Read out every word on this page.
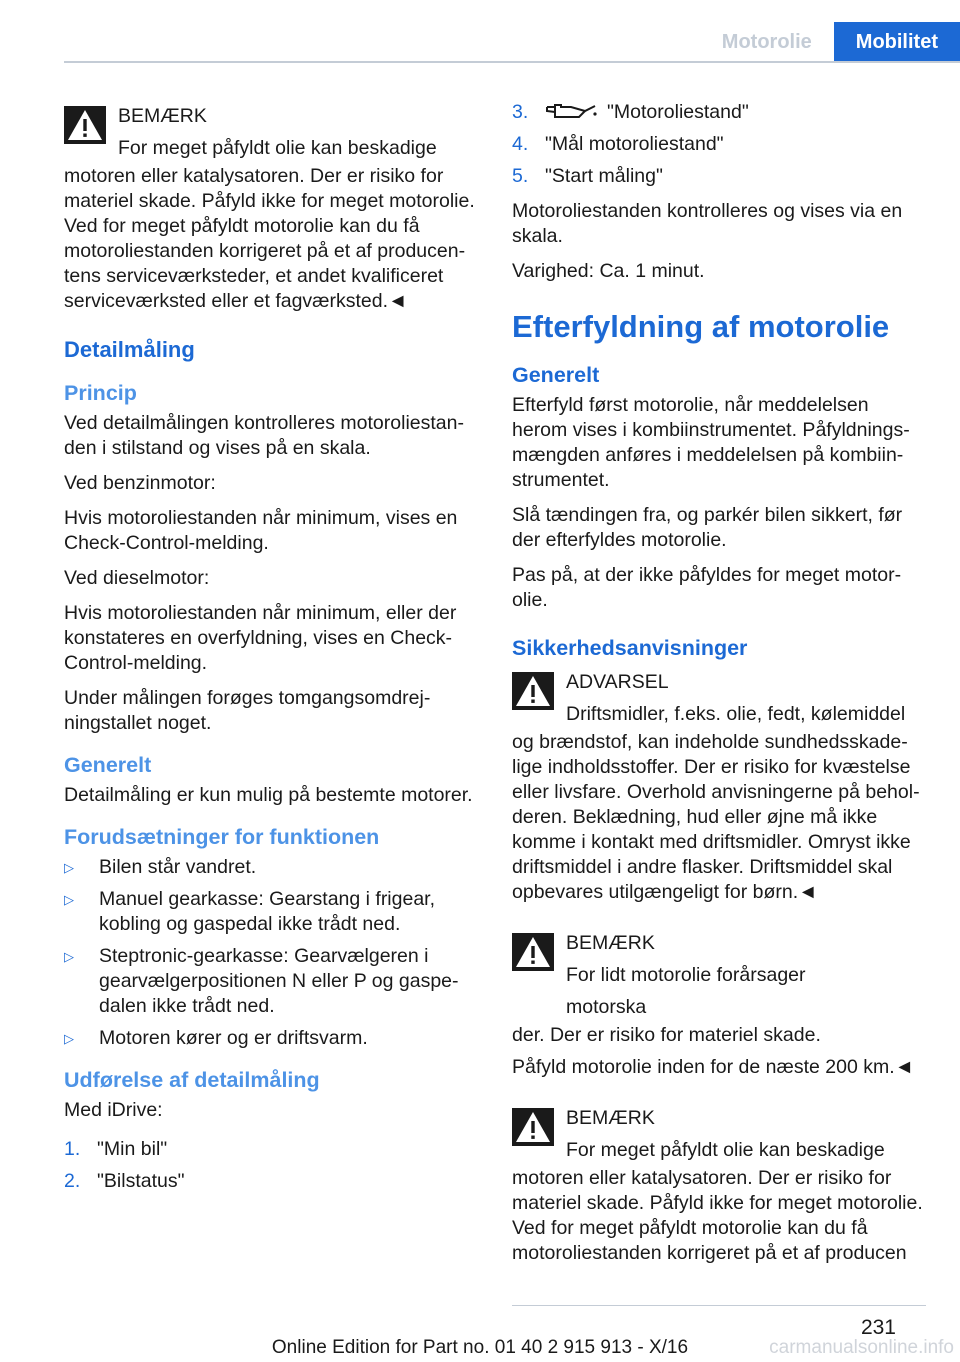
Motorolie	Mobilitet
BEMÆRK
For meget påfyldt olie kan beskadige

motoren eller katalysatoren. Der er risiko for materiel skade. Påfyld ikke for meget motorolie. Ved for meget påfyldt motorolie kan du få motoroliestanden korrigeret på et af producentens serviceværksteder, et andet kvalificeret serviceværksted eller et fagværksted.◄

Detailmåling
Princip

Ved detailmålingen kontrolleres motoroliestanden i stilstand og vises på en skala.

Ved benzinmotor:

Hvis motoroliestanden når minimum, vises en Check-Control-melding.

Ved dieselmotor:

Hvis motoroliestanden når minimum, eller der konstateres en overfyldning, vises en Check-Control-melding.

Under målingen forøges tomgangsomdrejningstallet noget.

Generelt

Detailmåling er kun mulig på bestemte motorer.

Forudsætninger for funktionen
▷	Bilen står vandret.
▷	Manuel gearkasse: Gearstang i frigear, kobling og gaspedal ikke trådt ned.
▷	Steptronic-gearkasse: Gearvælgeren i gearvælgerpositionen N eller P og gaspedalen ikke trådt ned.
▷	Motoren kører og er driftsvarm.
Udførelse af detailmåling

Med iDrive:

1. "Min bil"
2. "Bilstatus"
3.	"Motoroliestand"
4. "Mål motoroliestand"
5. "Start måling"

Motoroliestanden kontrolleres og vises via en skala.

Varighed: Ca. 1 minut.

Efterfyldning af motorolie
Generelt

Efterfyld først motorolie, når meddelelsen herom vises i kombiinstrumentet. Påfyldningsmængden anføres i meddelelsen på kombiinstrumentet.

Slå tændingen fra, og parkér bilen sikkert, før der efterfyldes motorolie.

Pas på, at der ikke påfyldes for meget motorolie.

Sikkerhedsanvisninger
ADVARSEL
Driftsmidler, f.eks. olie, fedt, kølemiddel

og brændstof, kan indeholde sundhedsskadelige indholdsstoffer. Der er risiko for kvæstelse eller livsfare. Overhold anvisningerne på beholderen. Beklædning, hud eller øjne må ikke komme i kontakt med driftsmidler. Omryst ikke driftsmiddel i andre flasker. Driftsmiddel skal opbevares utilgængeligt for børn.◄

BEMÆRK
For lidt motorolie forårsager motorska

der. Der er risiko for materiel skade.

Påfyld motorolie inden for de næste 200 km.◄

BEMÆRK
For meget påfyldt olie kan beskadige

motoren eller katalysatoren. Der er risiko for materiel skade. Påfyld ikke for meget motorolie. Ved for meget påfyldt motorolie kan du få motoroliestanden korrigeret på et af producen

231
Online Edition for Part no. 01 40 2 915 913 - X/16	carmanualsonline.info
